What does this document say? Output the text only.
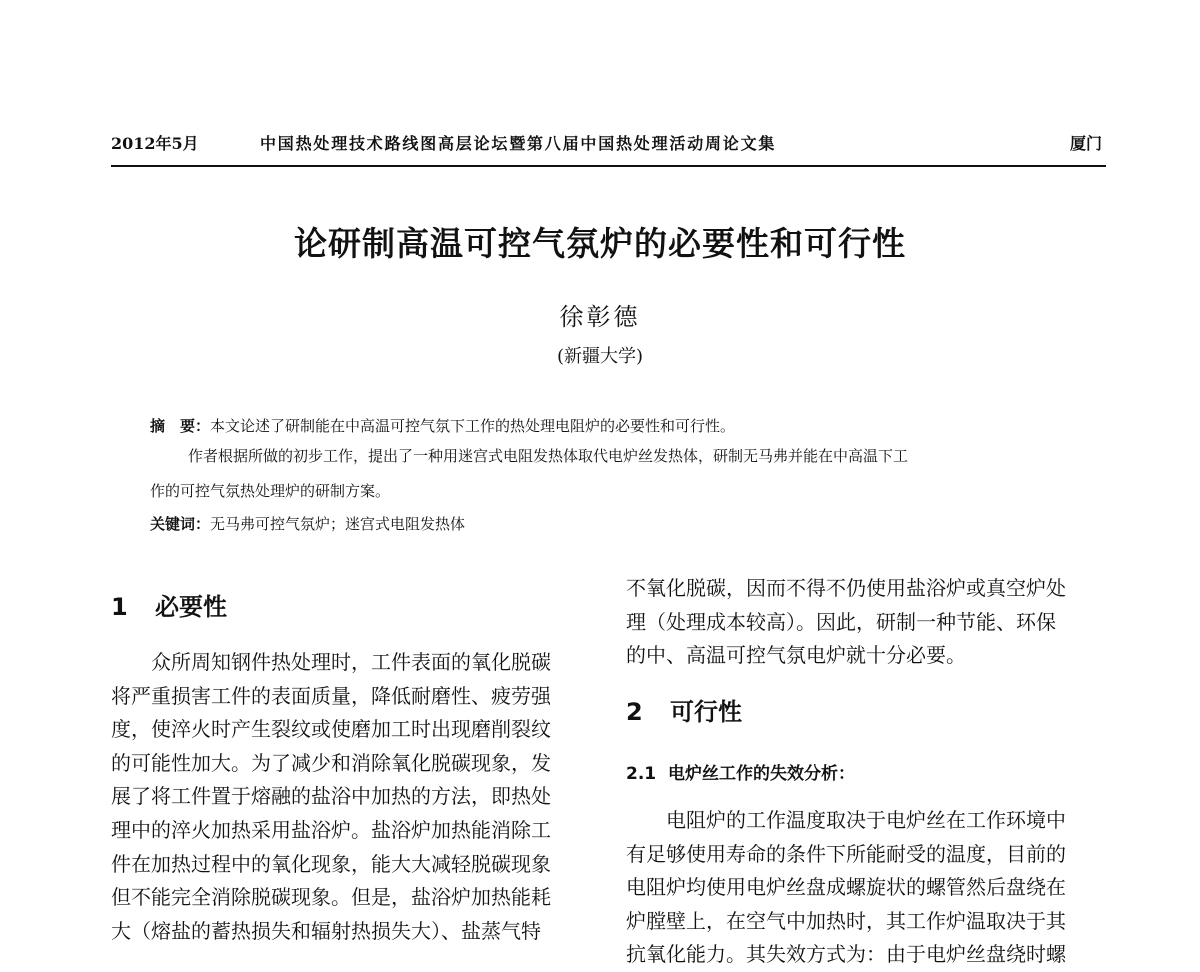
2012年5月	中国热处理技术路线图高层论坛暨第八届中国热处理活动周论文集	厦门
论研制高温可控气氛炉的必要性和可行性
徐彰德
(新疆大学)
摘　要：本文论述了研制能在中高温可控气氛下工作的热处理电阻炉的必要性和可行性。
作者根据所做的初步工作，提出了一种用迷宫式电阻发热体取代电炉丝发热体，研制无马弗并能在中高温下工
作的可控气氛热处理炉的研制方案。
关键词：无马弗可控气氛炉；迷宫式电阻发热体
1 必要性
　　众所周知钢件热处理时，工件表面的氧化脱碳
将严重损害工件的表面质量，降低耐磨性、疲劳强
度，使淬火时产生裂纹或使磨加工时出现磨削裂纹
的可能性加大。为了减少和消除氧化脱碳现象，发
展了将工件置于熔融的盐浴中加热的方法，即热处
理中的淬火加热采用盐浴炉。盐浴炉加热能消除工
件在加热过程中的氧化现象，能大大减轻脱碳现象
但不能完全消除脱碳现象。但是，盐浴炉加热能耗
大（熔盐的蓄热损失和辐射热损失大）、盐蒸气特
不氧化脱碳，因而不得不仍使用盐浴炉或真空炉处
理（处理成本较高）。因此，研制一种节能、环保
的中、高温可控气氛电炉就十分必要。
2 可行性
2.1 电炉丝工作的失效分析：
　　电阻炉的工作温度取决于电炉丝在工作环境中
有足够使用寿命的条件下所能耐受的温度，目前的
电阻炉均使用电炉丝盘成螺旋状的螺管然后盘绕在
炉膛壁上，在空气中加热时，其工作炉温取决于其
抗氧化能力。其失效方式为：由于电炉丝盘绕时螺
